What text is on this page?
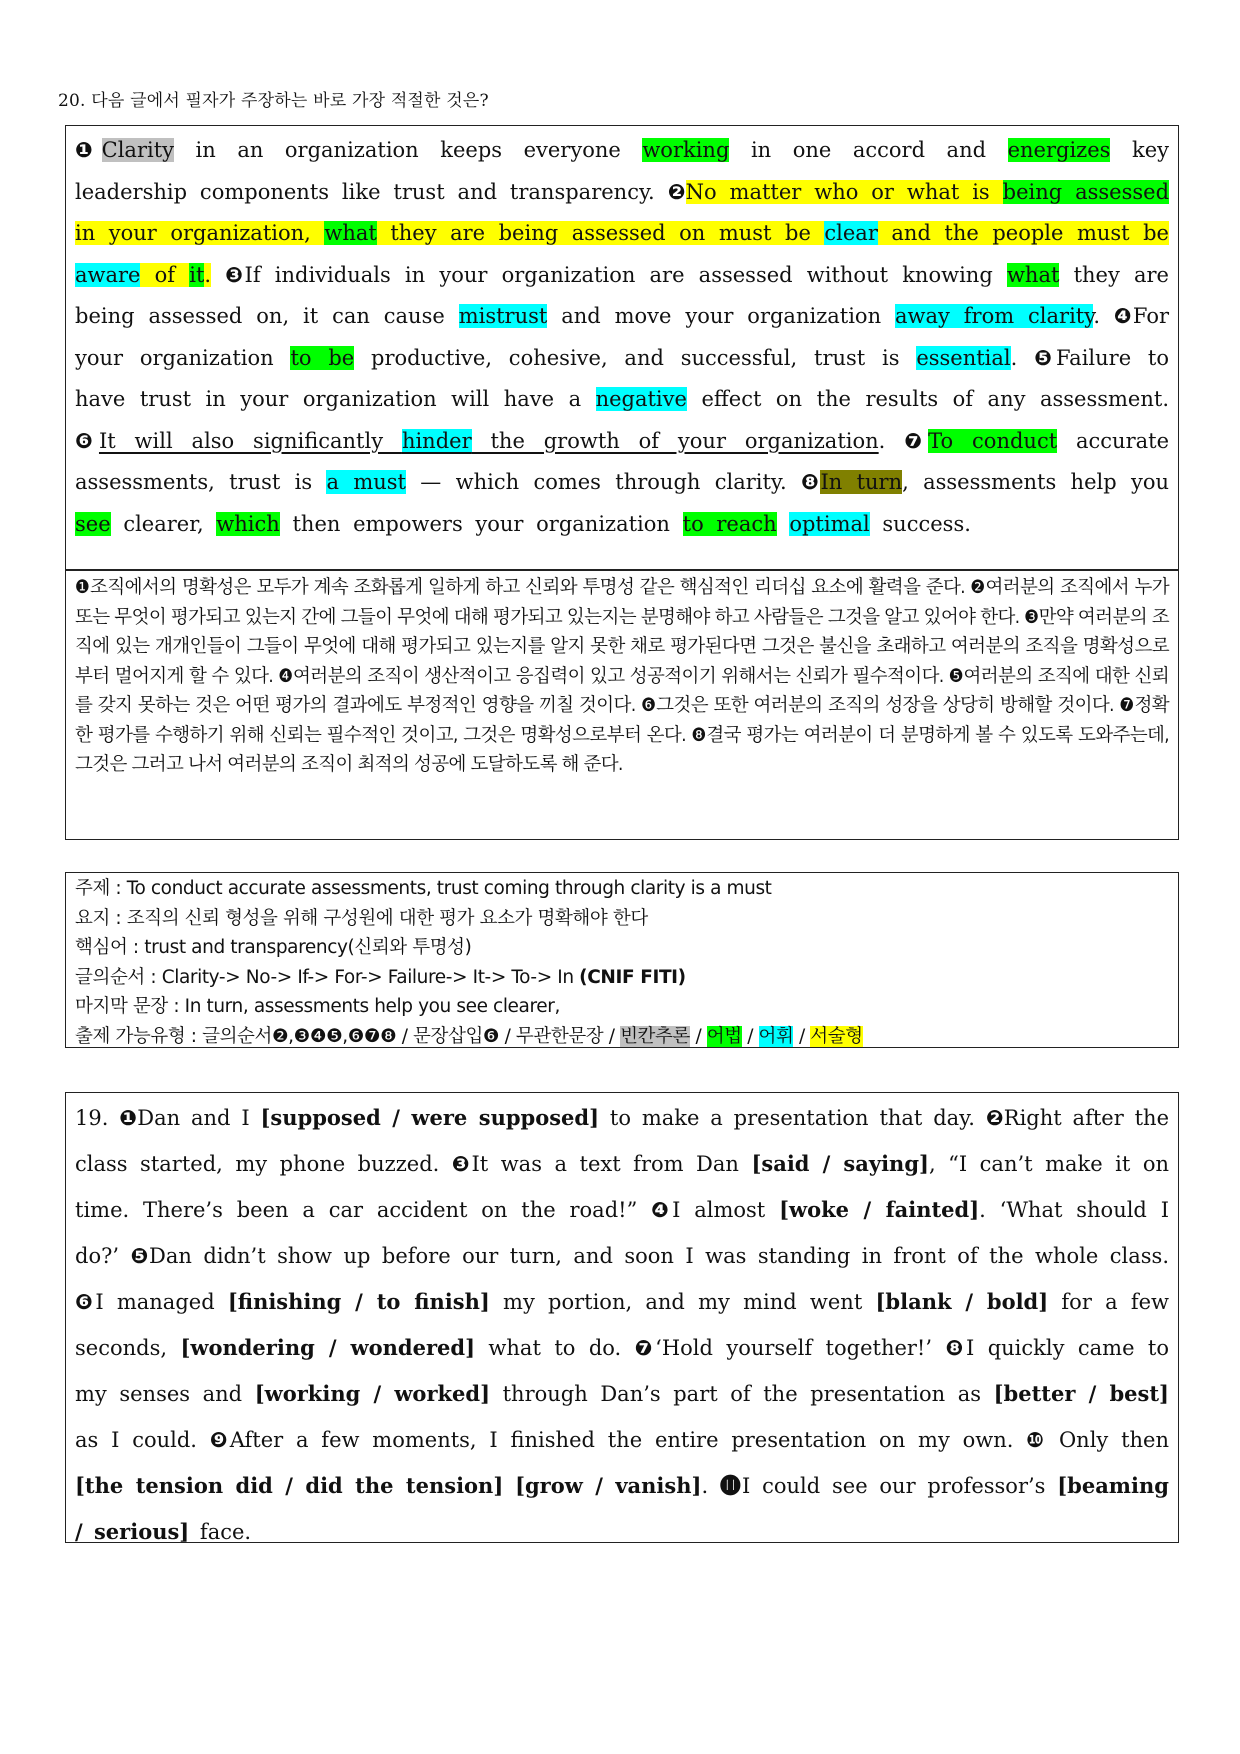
20. 다음 글에서 필자가 주장하는 바로 가장 적절한 것은?
❶Clarity in an organization keeps everyone working in one accord and energizes key leadership components like trust and transparency. ❷No matter who or what is being assessed in your organization, what they are being assessed on must be clear and the people must be aware of it. ❸If individuals in your organization are assessed without knowing what they are being assessed on, it can cause mistrust and move your organization away from clarity. ❹For your organization to be productive, cohesive, and successful, trust is essential. ❺Failure to have trust in your organization will have a negative effect on the results of any assessment. ❻It will also significantly hinder the growth of your organization. ❼To conduct accurate assessments, trust is a must — which comes through clarity. ❽In turn, assessments help you see clearer, which then empowers your organization to reach optimal success.
❶조직에서의 명확성은 모두가 계속 조화롭게 일하게 하고 신뢰와 투명성 같은 핵심적인 리더십 요소에 활력을 준다. ❷여러분의 조직에서 누가 또는 무엇이 평가되고 있는지 간에 그들이 무엇에 대해 평가되고 있는지는 분명해야 하고 사람들은 그것을 알고 있어야 한다. ❸만약 여러분의 조직에 있는 개개인들이 그들이 무엇에 대해 평가되고 있는지를 알지 못한 채로 평가된다면 그것은 불신을 초래하고 여러분의 조직을 명확성으로부터 멀어지게 할 수 있다. ❹여러분의 조직이 생산적이고 응집력이 있고 성공적이기 위해서는 신뢰가 필수적이다. ❺여러분의 조직에 대한 신뢰를 갖지 못하는 것은 어떤 평가의 결과에도 부정적인 영향을 끼칠 것이다. ❻그것은 또한 여러분의 조직의 성장을 상당히 방해할 것이다. ❼정확한 평가를 수행하기 위해 신뢰는 필수적인 것이고, 그것은 명확성으로부터 온다. ❽결국 평가는 여러분이 더 분명하게 볼 수 있도록 도와주는데, 그것은 그러고 나서 여러분의 조직이 최적의 성공에 도달하도록 해 준다.
주제 : To conduct accurate assessments, trust coming through clarity is a must
요지 : 조직의 신뢰 형성을 위해 구성원에 대한 평가 요소가 명확해야 한다
핵심어 : trust and transparency(신뢰와 투명성)
글의순서 : Clarity-> No-> If-> For-> Failure-> It-> To-> In (CNIF FITI)
마지막 문장 : In turn, assessments help you see clearer,
출제 가능유형 : 글의순서❷,❸❹❺,❻❼❽ / 문장삽입❻ / 무관한문장 / 빈칸추론 / 어법 / 어휘 / 서술형
19. ❶Dan and I [supposed / were supposed] to make a presentation that day. ❷Right after the class started, my phone buzzed. ❸It was a text from Dan [said / saying], “I can’t make it on time. There’s been a car accident on the road!” ❹I almost [woke / fainted]. ‘What should I do?’ ❺Dan didn’t show up before our turn, and soon I was standing in front of the whole class. ❻I managed [finishing / to finish] my portion, and my mind went [blank / bold] for a few seconds, [wondering / wondered] what to do. ❼‘Hold yourself together!’ ❽I quickly came to my senses and [working / worked] through Dan’s part of the presentation as [better / best] as I could. ❾After a few moments, I finished the entire presentation on my own. ❿ Only then [the tension did / did the tension] [grow / vanish]. ⓫I could see our professor’s [beaming / serious] face.
